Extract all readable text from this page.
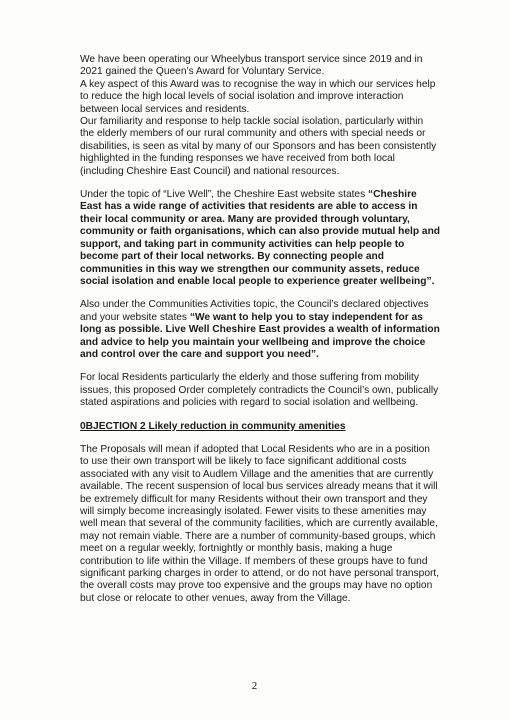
We have been operating our Wheelybus transport service since 2019 and in 2021 gained the Queen’s Award for Voluntary Service.

A key aspect of this Award was to recognise the way in which our services help to reduce the high local levels of social isolation and improve interaction between local services and residents.

Our familiarity and response to help tackle social isolation, particularly within the elderly members of our rural community and others with special needs or disabilities, is seen as vital by many of our Sponsors and has been consistently highlighted in the funding responses we have received from both local (including Cheshire East Council) and national resources.

Under the topic of “Live Well”, the Cheshire East website states “Cheshire East has a wide range of activities that residents are able to access in their local community or area. Many are provided through voluntary, community or faith organisations, which can also provide mutual help and support, and taking part in community activities can help people to become part of their local networks. By connecting people and communities in this way we strengthen our community assets, reduce social isolation and enable local people to experience greater wellbeing”.

Also under the Communities Activities topic, the Council’s declared objectives and your website states “We want to help you to stay independent for as long as possible. Live Well Cheshire East provides a wealth of information and advice to help you maintain your wellbeing and improve the choice and control over the care and support you need”.

For local Residents particularly the elderly and those suffering from mobility issues, this proposed Order completely contradicts the Council’s own, publically stated aspirations and policies with regard to social isolation and wellbeing.

0BJECTION 2 Likely reduction in community amenities

The Proposals will mean if adopted that Local Residents who are in a position to use their own transport will be likely to face significant additional costs associated with any visit to Audlem Village and the amenities that are currently available. The recent suspension of local bus services already means that it will be extremely difficult for many Residents without their own transport and they will simply become increasingly isolated. Fewer visits to these amenities may well mean that several of the community facilities, which are currently available, may not remain viable. There are a number of community-based groups, which meet on a regular weekly, fortnightly or monthly basis, making a huge contribution to life within the Village. If members of these groups have to fund significant parking charges in order to attend, or do not have personal transport, the overall costs may prove too expensive and the groups may have no option but close or relocate to other venues, away from the Village.

2
